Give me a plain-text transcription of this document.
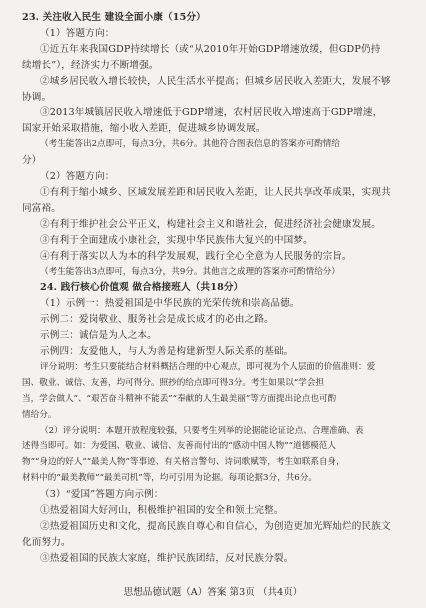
23. 关注收入民生 建设全面小康（15分）
（1）答题方向：
①近五年来我国GDP持续增长（或“从2010年开始GDP增速放缓，但GDP仍持
续增长”），经济实力不断增强。
②城乡居民收入增长较快，人民生活水平提高；但城乡居民收入差距大，发展不够
协调。
③2013年城镇居民收入增速低于GDP增速，农村居民收入增速高于GDP增速，
国家开始采取措施，缩小收入差距，促进城乡协调发展。
（考生能答出2点即可，每点3分，共6分。其他符合图表信息的答案亦可酌情给
分）
（2）答题方向：
①有利于缩小城乡、区域发展差距和居民收入差距，让人民共享改革成果，实现共
同富裕。
②有利于维护社会公平正义，构建社会主义和谐社会，促进经济社会健康发展。
③有利于全面建成小康社会，实现中华民族伟大复兴的中国梦。
④有利于落实以人为本的科学发展观，践行全心全意为人民服务的宗旨。
（考生能答出3点即可，每点3分，共9分。其他言之成理的答案亦可酌情给分）
24. 践行核心价值观 做合格接班人（共18分）
（1）示例一：热爱祖国是中华民族的光荣传统和崇高品德。
示例二：爱岗敬业、服务社会是成长成才的必由之路。
示例三：诚信是为人之本。
示例四：友爱他人，与人为善是构建新型人际关系的基础。
评分说明：考生只要能结合材料概括合理的中心观点，即可视为个人层面的价值准则：爱
国、敬业、诚信、友善，均可得分。照抄的给点即可得3分。考生如果以“学会担
当，学会做人”、“艰苦奋斗精神不能丢”“奉献的人生最美丽”等方面提出论点也可酌
情给分。
（2）评分说明：本题开放程度较强，只要考生列举的论据能论证论点、合理准确、表
述得当即可。如：为爱国、敬业、诚信、友善而付出的“感动中国人物”“道德模范人
物”“身边的好人”“最美人物”等事迹、有关格言警句、诗词歌赋等，考生如联系自身，
材料中的“最美教师”“最美司机”等，均可引用为论据。每项论据3分，共6分。
（3）“爱国”答题方向示例：
①热爱祖国大好河山，积极维护祖国的安全和领土完整。
②热爱祖国历史和文化，提高民族自尊心和自信心，为创造更加光辉灿烂的民族文
化而努力。
③热爱祖国的民族大家庭，维护民族团结，反对民族分裂。
思想品德试题（A）答案 第3页 （共4页）
